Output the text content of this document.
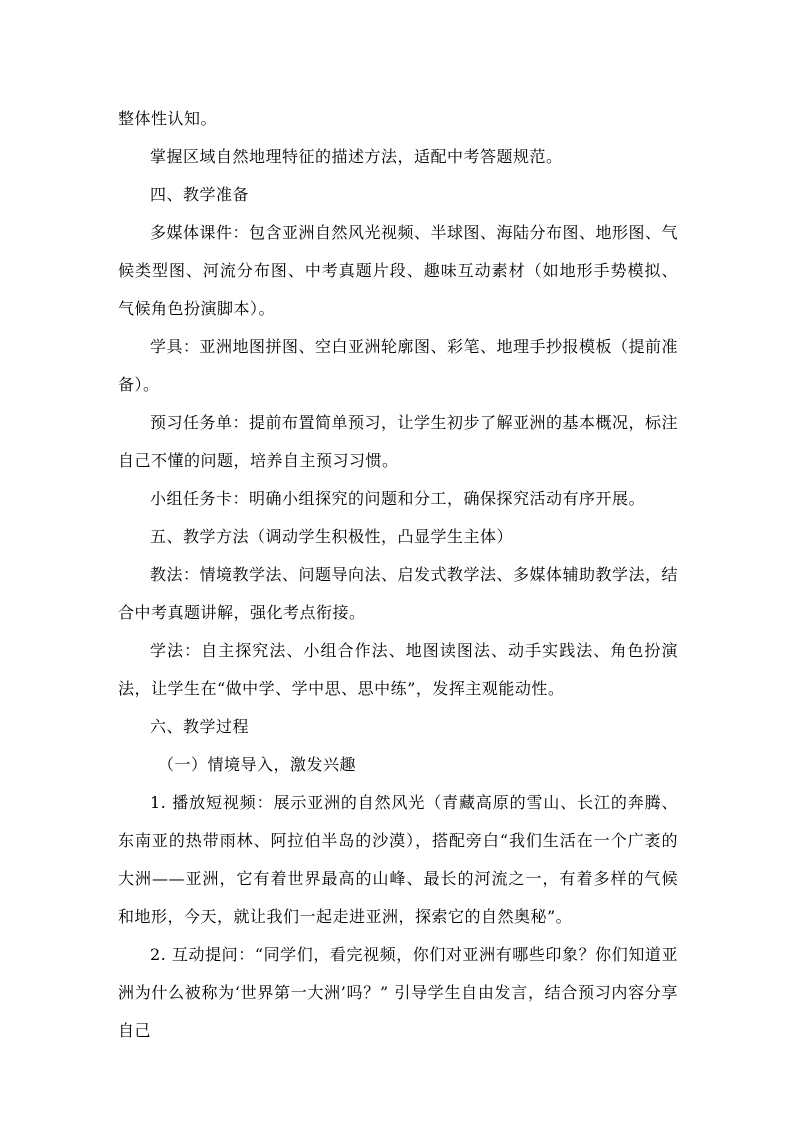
整体性认知。

掌握区域自然地理特征的描述方法，适配中考答题规范。

四、教学准备

多媒体课件：包含亚洲自然风光视频、半球图、海陆分布图、地形图、气候类型图、河流分布图、中考真题片段、趣味互动素材（如地形手势模拟、气候角色扮演脚本）。

学具：亚洲地图拼图、空白亚洲轮廓图、彩笔、地理手抄报模板（提前准备）。

预习任务单：提前布置简单预习，让学生初步了解亚洲的基本概况，标注自己不懂的问题，培养自主预习习惯。

小组任务卡：明确小组探究的问题和分工，确保探究活动有序开展。

五、教学方法（调动学生积极性，凸显学生主体）

教法：情境教学法、问题导向法、启发式教学法、多媒体辅助教学法，结合中考真题讲解，强化考点衔接。

学法：自主探究法、小组合作法、地图读图法、动手实践法、角色扮演法，让学生在“做中学、学中思、思中练”，发挥主观能动性。

六、教学过程

（一）情境导入，激发兴趣

1. 播放短视频：展示亚洲的自然风光（青藏高原的雪山、长江的奔腾、东南亚的热带雨林、阿拉伯半岛的沙漠），搭配旁白“我们生活在一个广袤的大洲——亚洲，它有着世界最高的山峰、最长的河流之一，有着多样的气候和地形，今天，就让我们一起走进亚洲，探索它的自然奥秘”。

2. 互动提问：“同学们，看完视频，你们对亚洲有哪些印象？你们知道亚洲为什么被称为‘世界第一大洲’吗？” 引导学生自由发言，结合预习内容分享自己
